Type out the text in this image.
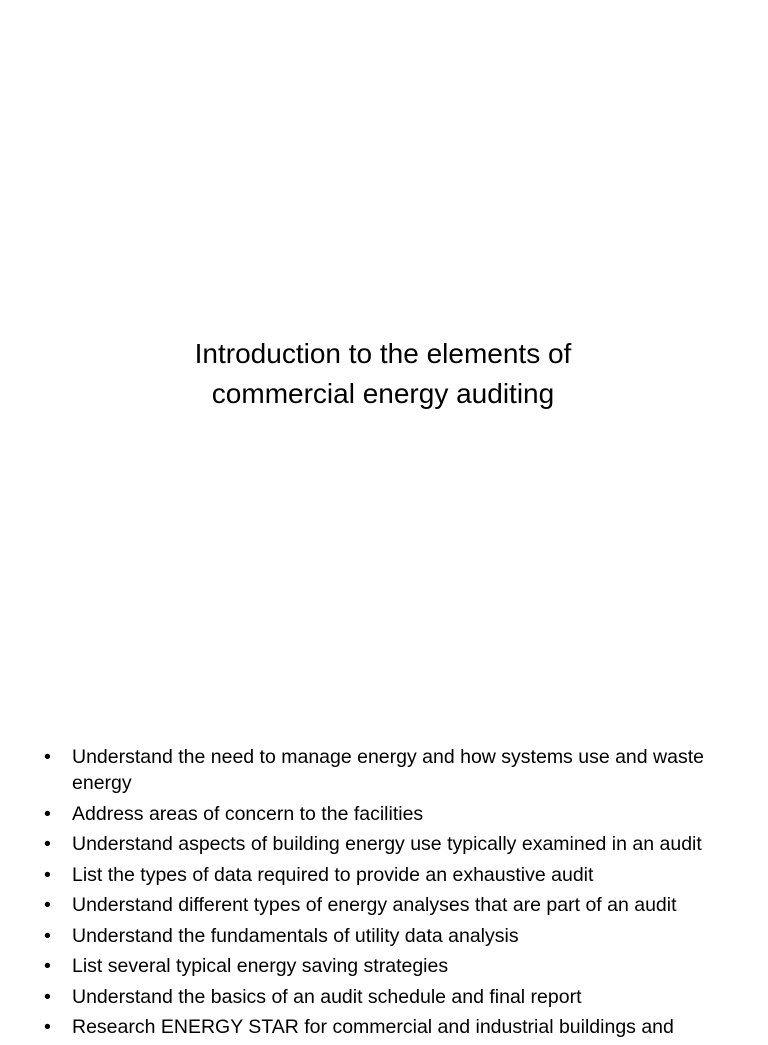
Introduction to the elements of
commercial energy auditing
•	Understand the need to manage energy and how systems use and waste energy
•	Address areas of concern to the facilities
•	Understand aspects of building energy use typically examined in an audit
•	List the types of data required to provide an exhaustive audit
•	Understand different types of energy analyses that are part of an audit
•	Understand the fundamentals of utility data analysis
•	List several typical energy saving strategies
•	Understand the basics of an audit schedule and final report
•	Research ENERGY STAR for commercial and industrial buildings and
